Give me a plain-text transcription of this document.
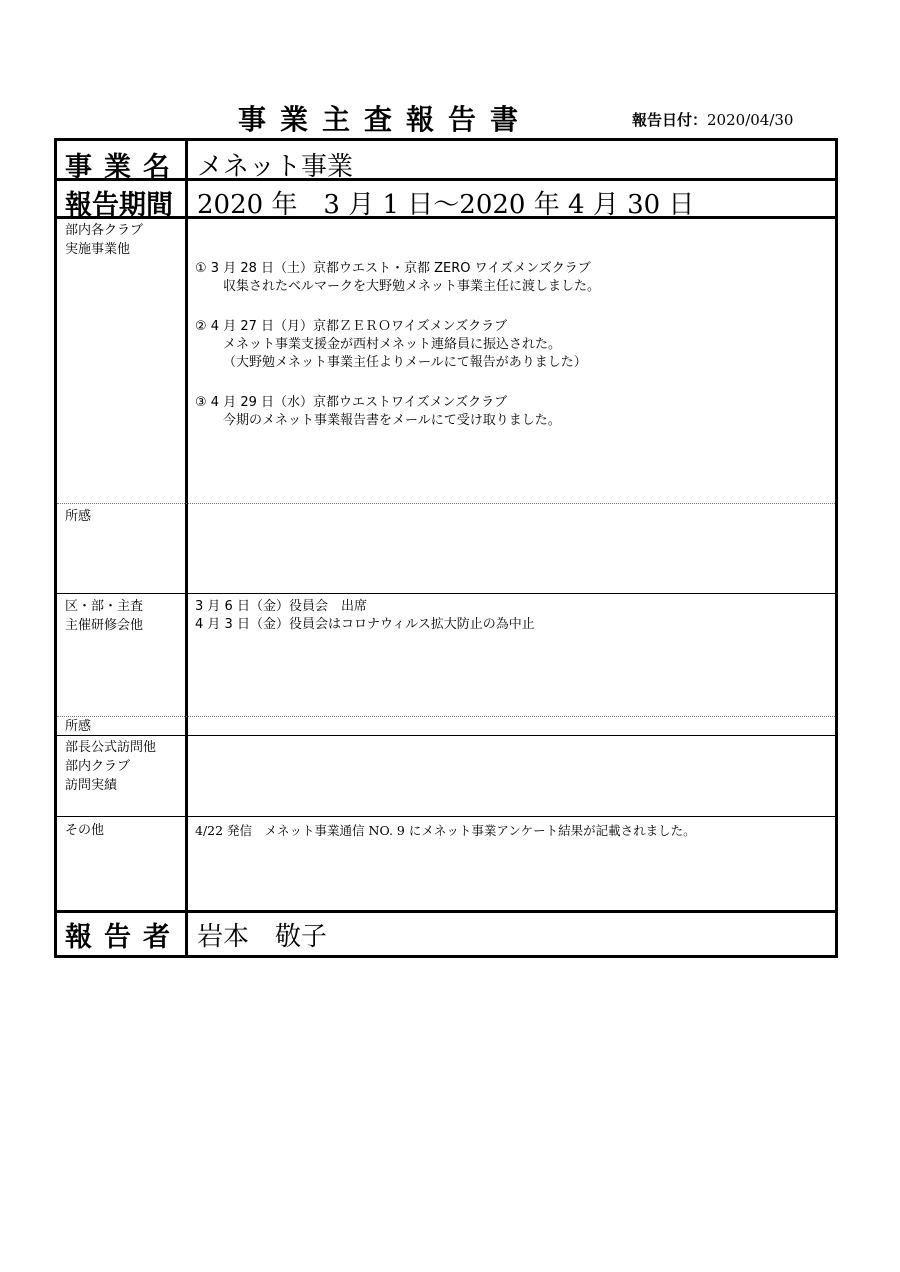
事業主査報告書	報告日付：2020/04/30
事業名 メネット事業
報告期間 2020 年　3 月 1 日～2020 年 4 月 30 日
部内各クラブ
実施事業他
① 3 月 28 日（土）京都ウエスト・京都 ZERO ワイズメンズクラブ
収集されたベルマークを大野勉メネット事業主任に渡しました。
② 4 月 27 日（月）京都ＺＥＲＯワイズメンズクラブ
メネット事業支援金が西村メネット連絡員に振込された。
（大野勉メネット事業主任よりメールにて報告がありました）
③ 4 月 29 日（水）京都ウエストワイズメンズクラブ
今期のメネット事業報告書をメールにて受け取りました。
所感
区・部・主査
主催研修会他
3 月 6 日（金）役員会　出席
4 月 3 日（金）役員会はコロナウィルス拡大防止の為中止
所感
部長公式訪問他
部内クラブ
訪問実績
その他	4/22 発信　メネット事業通信 NO. 9 にメネット事業アンケート結果が記載されました。
報告者 岩本　敬子
